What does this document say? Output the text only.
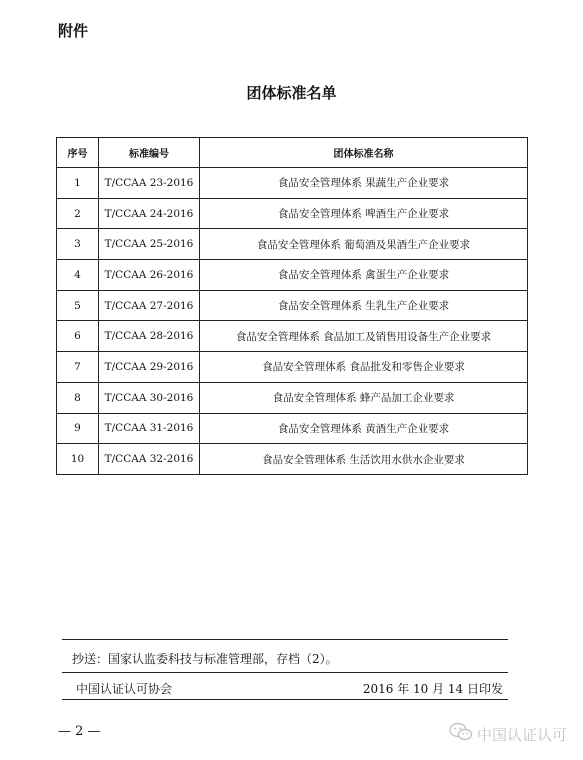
附件
团体标准名单
序号	标准编号	团体标准名称
1	T/CCAA 23-2016	食品安全管理体系 果蔬生产企业要求
2	T/CCAA 24-2016	食品安全管理体系 啤酒生产企业要求
3	T/CCAA 25-2016	食品安全管理体系 葡萄酒及果酒生产企业要求
4	T/CCAA 26-2016	食品安全管理体系 禽蛋生产企业要求
5	T/CCAA 27-2016	食品安全管理体系 生乳生产企业要求
6	T/CCAA 28-2016	食品安全管理体系 食品加工及销售用设备生产企业要求
7	T/CCAA 29-2016	食品安全管理体系 食品批发和零售企业要求
8	T/CCAA 30-2016	食品安全管理体系 蜂产品加工企业要求
9	T/CCAA 31-2016	食品安全管理体系 黄酒生产企业要求
10	T/CCAA 32-2016	食品安全管理体系 生活饮用水供水企业要求
抄送：国家认监委科技与标准管理部，存档（2）。
中国认证认可协会	2016 年 10 月 14 日印发
— 2 —	中国认证认可
